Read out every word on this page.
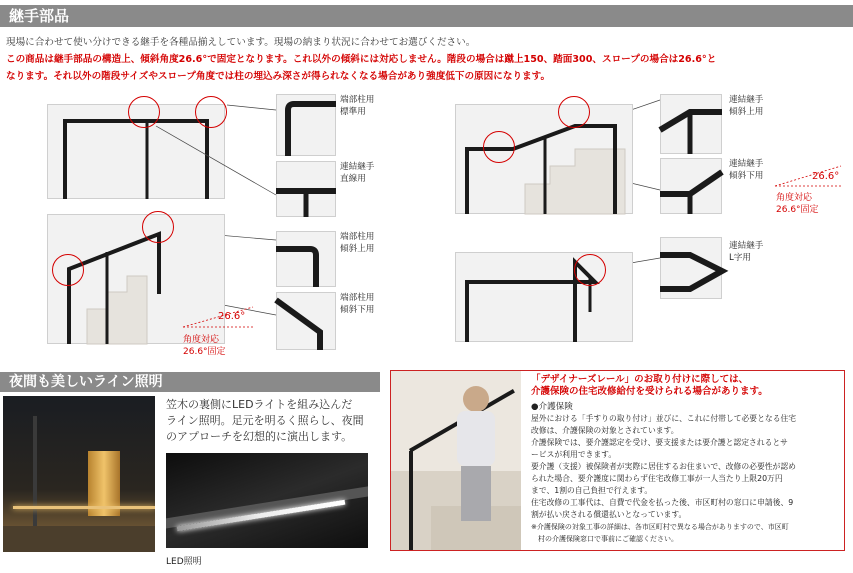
継手部品
現場に合わせて使い分けできる継手を各種品揃えしています。現場の納まり状況に合わせてお選びください。
この商品は継手部品の構造上、傾斜角度26.6°で固定となります。これ以外の傾斜には対応しません。階段の場合は蹴上150、踏面300、スロープの場合は26.6°と
なります。それ以外の階段サイズやスロープ角度では柱の埋込み深さが得られなくなる場合があり強度低下の原因になります。
端部柱用
標準用
連結継手
直線用
26.6°
角度対応
26.6°固定
端部柱用
傾斜上用
端部柱用
傾斜下用
連結継手
傾斜上用
連結継手
傾斜下用	26.6°
角度対応
26.6°固定
連結継手
L字用
夜間も美しいライン照明
笠木の裏側にLEDライトを組み込んだ
ライン照明。足元を明るく照らし、夜間
のアプローチを幻想的に演出します。
LED照明
「デザイナーズレール」のお取り付けに際しては、
介護保険の住宅改修給付を受けられる場合があります。
●介護保険
屋外における「手すりの取り付け」並びに、これに付帯して必要となる住宅
改修は、介護保険の対象とされています。
介護保険では、要介護認定を受け、要支援または要介護と認定されるとサ
ービスが利用できます。
要介護（支援）被保険者が実際に居住するお住まいで、改修の必要性が認め
られた場合、要介護度に関わらず住宅改修工事が一人当たり上限20万円
まで、1割の自己負担で行えます。
住宅改修の工事代は、自費で代金を払った後、市区町村の窓口に申請後、9
割が払い戻される償還払いとなっています。
※介護保険の対象工事の詳細は、各市区町村で異なる場合がありますので、市区町
　村の介護保険窓口で事前にご確認ください。
